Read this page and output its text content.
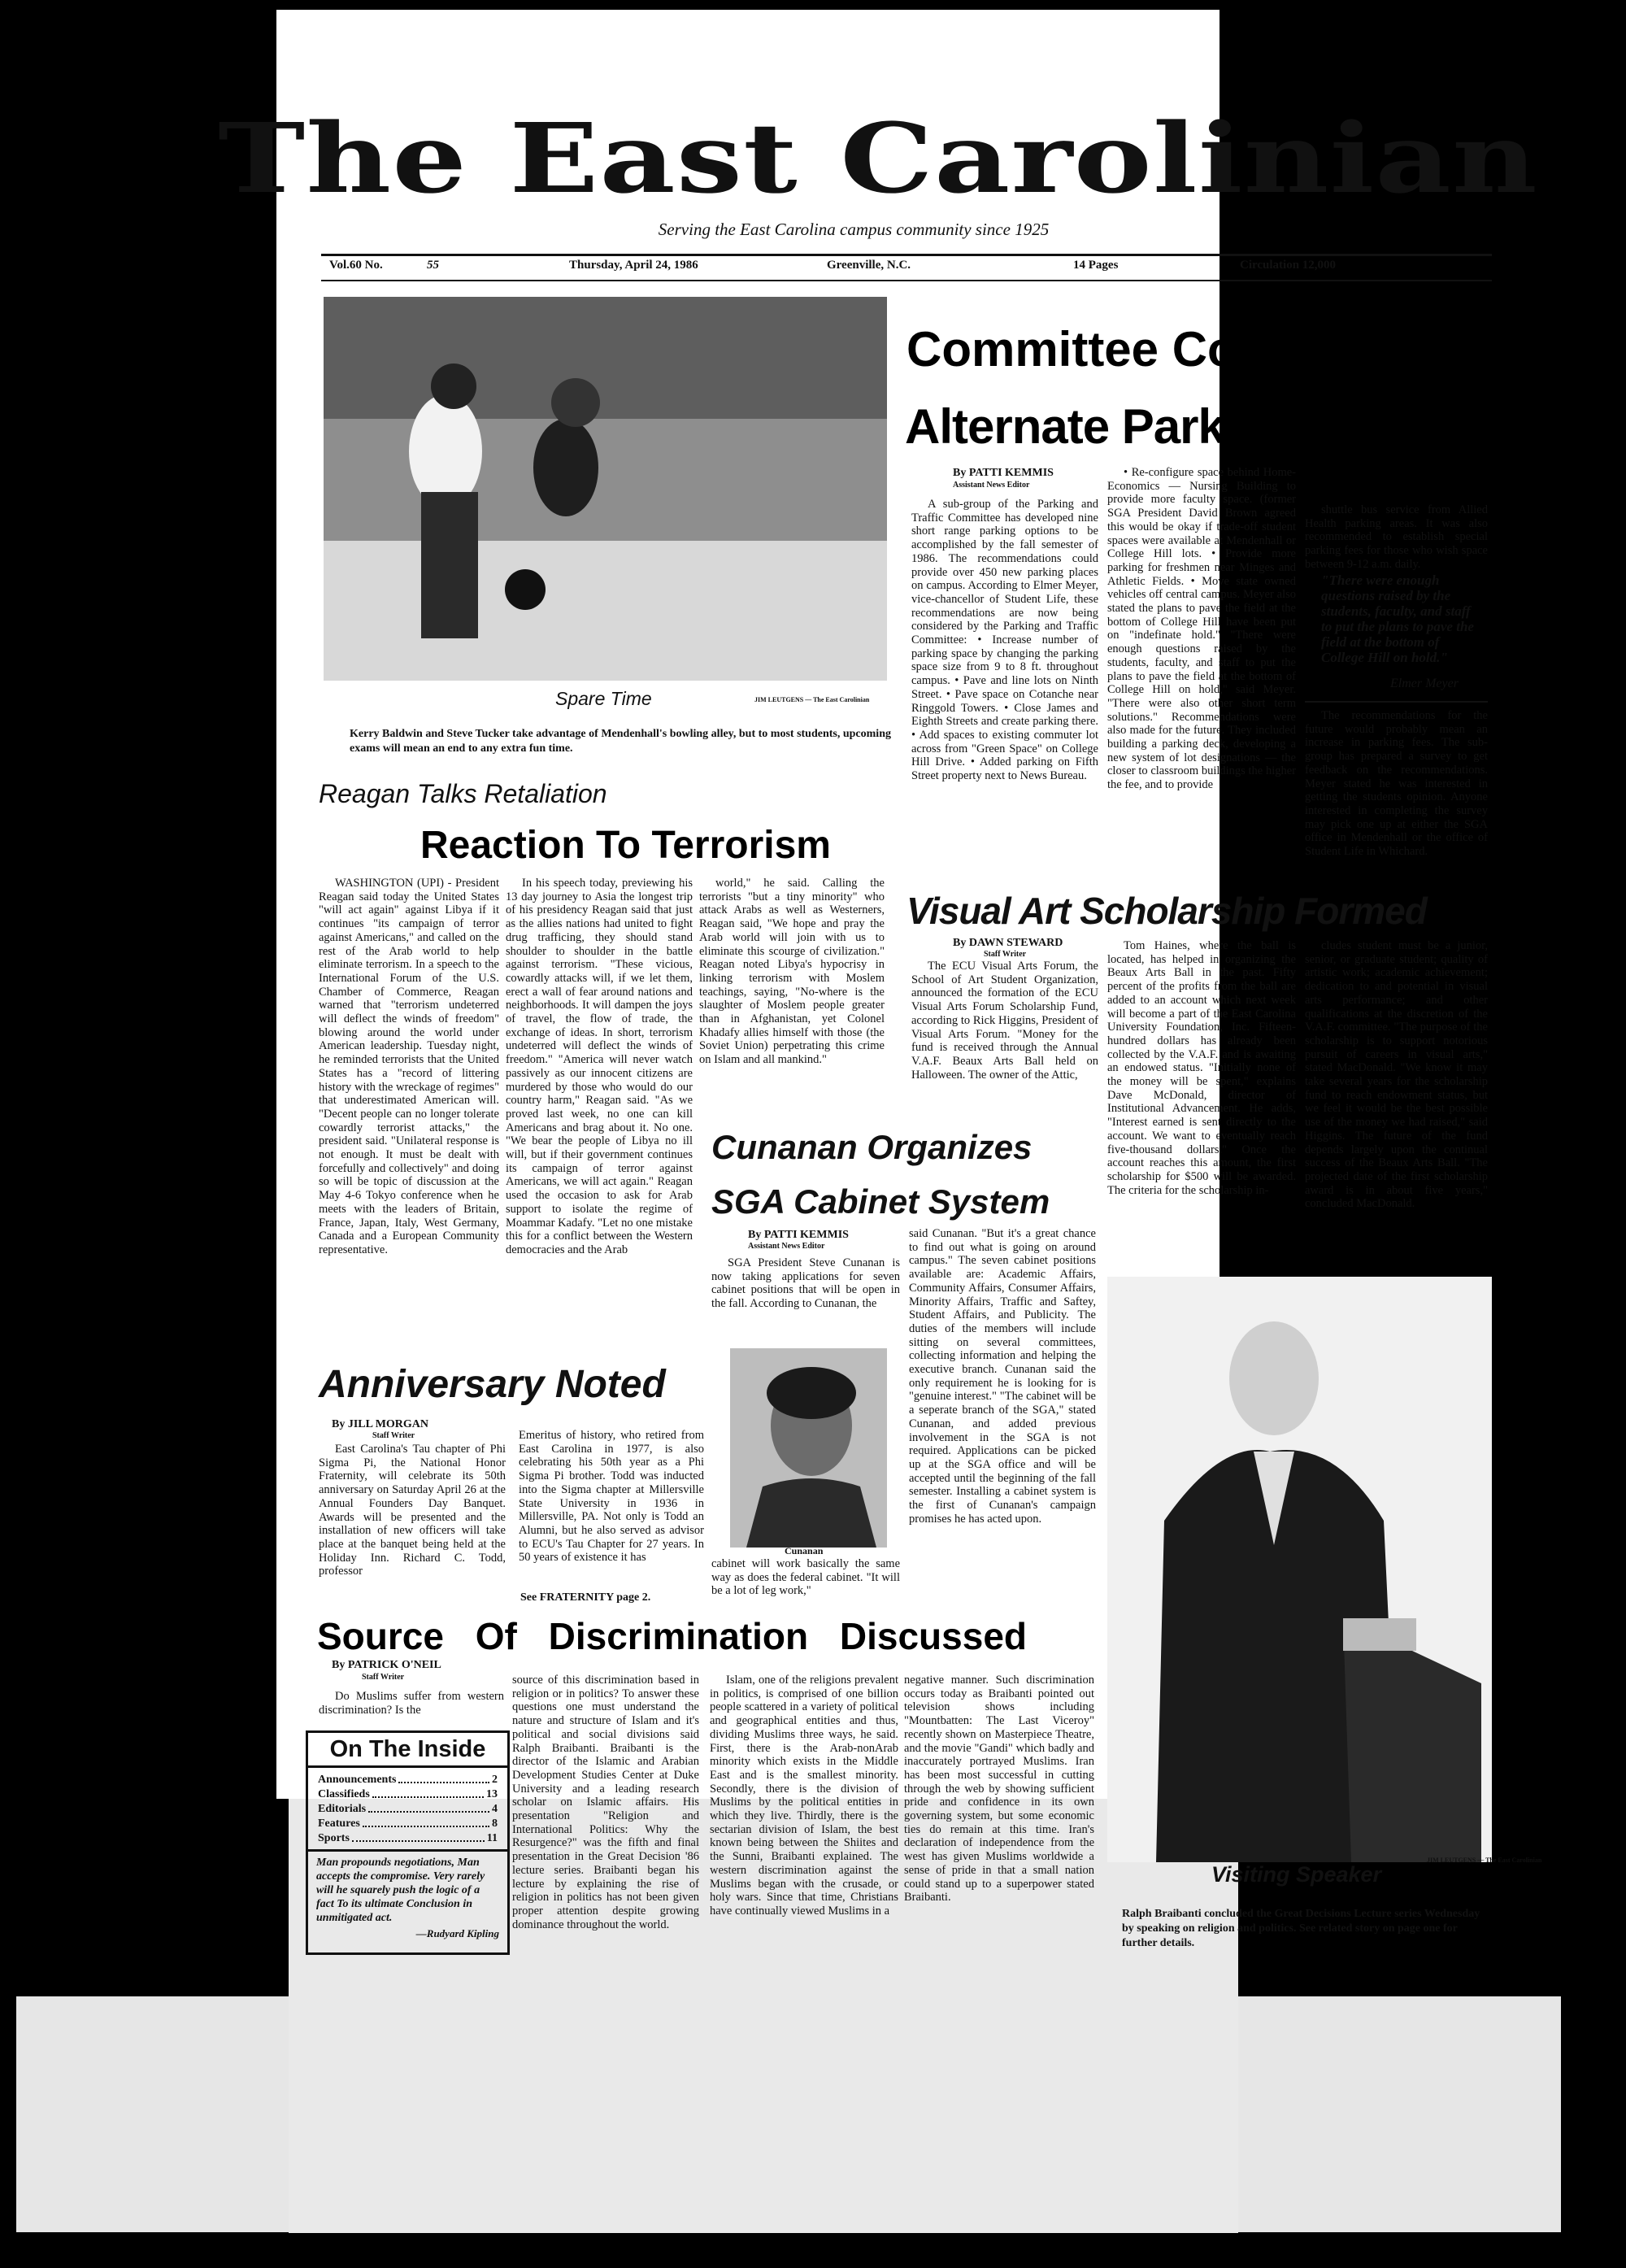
The East Carolinian
Serving the East Carolina campus community since 1925
Vol.60 No.	55	Thursday, April 24, 1986	Greenville, N.C.	14 Pages	Circulation 12,000
Spare Time	JIM LEUTGENS — The East Carolinian
Kerry Baldwin and Steve Tucker take advantage of Mendenhall's bowling alley, but to most students, upcoming exams will mean an end to any extra fun time.
Committee Considers
Alternate Parking Areas
By PATTI KEMMIS
Assistant News Editor

A sub-group of the Parking and Traffic Committee has developed nine short range parking options to be accomplished by the fall semester of 1986. The recommendations could provide over 450 new parking places on campus. According to Elmer Meyer, vice-chancellor of Student Life, these recommendations are now being considered by the Parking and Traffic Committee: • Increase number of parking space by changing the parking space size from 9 to 8 ft. throughout campus. • Pave and line lots on Ninth Street. • Pave space on Cotanche near Ringgold Towers. • Close James and Eighth Streets and create parking there. • Add spaces to existing commuter lot across from "Green Space" on College Hill Drive. • Added parking on Fifth Street property next to News Bureau.

• Re-configure space behind Home-Economics — Nursing Building to provide more faculty space. (former SGA President David Brown agreed this would be okay if trade-off student spaces were available at Mendenhall or College Hill lots. • Provide more parking for freshmen near Minges and Athletic Fields. • Move state owned vehicles off central campus. Meyer also stated the plans to pave the field at the bottom of College Hill have been put on "indefinate hold." "There were enough questions raised by the students, faculty, and staff to put the plans to pave the field at the bottom of College Hill on hold," said Meyer. "There were also other short term solutions." Recommendations were also made for the future. They included building a parking deck, developing a new system of lot designations — the closer to classroom buildings the higher the fee, and to provide

shuttle bus service from Allied Health parking areas. It was also recommended to establish special parking fees for those who wish space between 9-12 a.m. daily.

"There were enough questions raised by the students, faculty, and staff to put the plans to pave the field at the bottom of College Hill on hold."
Elmer Meyer

The recommendations for the future would probably mean an increase in parking fees. The sub-group has prepared a survey to get feedback on the recommendations. Meyer stated he was interested in getting the students opinion. Anyone interested in completing the survey may pick one up at either the SGA office in Mendenhall or the office of Student Life in Whichard.

Reagan Talks Retaliation
Reaction To Terrorism

WASHINGTON (UPI) - President Reagan said today the United States "will act again" against Libya if it continues "its campaign of terror against Americans," and called on the rest of the Arab world to help eliminate terrorism. In a speech to the International Forum of the U.S. Chamber of Commerce, Reagan warned that "terrorism undeterred will deflect the winds of freedom" blowing around the world under American leadership. Tuesday night, he reminded terrorists that the United States has a "record of littering history with the wreckage of regimes" that underestimated American will. "Decent people can no longer tolerate cowardly terrorist attacks," the president said. "Unilateral response is not enough. It must be dealt with forcefully and collectively" and doing so will be topic of discussion at the May 4-6 Tokyo conference when he meets with the leaders of Britain, France, Japan, Italy, West Germany, Canada and a European Community representative.

In his speech today, previewing his 13 day journey to Asia the longest trip of his presidency Reagan said that just as the allies nations had united to fight drug trafficing, they should stand shoulder to shoulder in the battle against terrorism. "These vicious, cowardly attacks will, if we let them, erect a wall of fear around nations and neighborhoods. It will dampen the joys of travel, the flow of trade, the exchange of ideas. In short, terrorism undeterred will deflect the winds of freedom." "America will never watch passively as our innocent citizens are murdered by those who would do our country harm," Reagan said. "As we proved last week, no one can kill Americans and brag about it. No one. "We bear the people of Libya no ill will, but if their government continues its campaign of terror against Americans, we will act again." Reagan used the occasion to ask for Arab support to isolate the regime of Moammar Kadafy. "Let no one mistake this for a conflict between the Western democracies and the Arab

world," he said. Calling the terrorists "but a tiny minority" who attack Arabs as well as Westerners, Reagan said, "We hope and pray the Arab world will join with us to eliminate this scourge of civilization." Reagan noted Libya's hypocrisy in linking terrorism with Moslem teachings, saying, "No-where is the slaughter of Moslem people greater than in Afghanistan, yet Colonel Khadafy allies himself with those (the Soviet Union) perpetrating this crime on Islam and all mankind."

Visual Art Scholarship Formed
By DAWN STEWARD
Staff Writer

The ECU Visual Arts Forum, the School of Art Student Organization, announced the formation of the ECU Visual Arts Forum Scholarship Fund, according to Rick Higgins, President of Visual Arts Forum. "Money for the fund is received through the Annual V.A.F. Beaux Arts Ball held on Halloween. The owner of the Attic,

Tom Haines, where the ball is located, has helped in organizing the Beaux Arts Ball in the past. Fifty percent of the profits from the ball are added to an account which next week will become a part of the East Carolina University Foundation, Inc. Fifteen-hundred dollars has already been collected by the V.A.F. and is awaiting an endowed status. "Initially none of the money will be spent," explains Dave McDonald, director of Institutional Advancement. He adds, "Interest earned is sent directly to the account. We want to eventually reach five-thousand dollars." Once the account reaches this amount, the first scholarship for $500 will be awarded. The criteria for the scholarship in-

cludes student must be a junior, senior, or graduate student; quality of artistic work; academic achievement; dedication to and potential in visual arts performance; and other qualifications at the discretion of the V.A.F. committee. "The purpose of the scholarship is to support notorious pursuit of careers in visual arts," stated MacDonald. "We know it may take several years for the scholarship fund to reach endowment status, but we feel it would be the best possible use of the money we had raised," said Higgins. The future of the fund depends largely upon the continual success of the Beaux Arts Ball. "The projected date of the first scholarship award is in about five years," concluded MacDonald.

Cunanan Organizes
SGA Cabinet System
By PATTI KEMMIS
Assistant News Editor

SGA President Steve Cunanan is now taking applications for seven cabinet positions that will be open in the fall. According to Cunanan, the

Cunanan

cabinet will work basically the same way as does the federal cabinet. "It will be a lot of leg work,"

said Cunanan. "But it's a great chance to find out what is going on around campus." The seven cabinet positions available are: Academic Affairs, Community Affairs, Consumer Affairs, Minority Affairs, Traffic and Saftey, Student Affairs, and Publicity. The duties of the members will include sitting on several committees, collecting information and helping the executive branch. Cunanan said the only requirement he is looking for is "genuine interest." "The cabinet will be a seperate branch of the SGA," stated Cunanan, and added previous involvement in the SGA is not required. Applications can be picked up at the SGA office and will be accepted until the beginning of the fall semester. Installing a cabinet system is the first of Cunanan's campaign promises he has acted upon.

Anniversary Noted
By JILL MORGAN
Staff Writer

East Carolina's Tau chapter of Phi Sigma Pi, the National Honor Fraternity, will celebrate its 50th anniversary on Saturday April 26 at the Annual Founders Day Banquet. Awards will be presented and the installation of new officers will take place at the banquet being held at the Holiday Inn. Richard C. Todd, professor

Emeritus of history, who retired from East Carolina in 1977, is also celebrating his 50th year as a Phi Sigma Pi brother. Todd was inducted into the Sigma chapter at Millersville State University in 1936 in Millersville, PA. Not only is Todd an Alumni, but he also served as advisor to ECU's Tau Chapter for 27 years. In 50 years of existence it has

See FRATERNITY page 2.
Source Of Discrimination Discussed
By PATRICK O'NEIL
Staff Writer

Do Muslims suffer from western discrimination? Is the

source of this discrimination based in religion or in politics? To answer these questions one must understand the nature and structure of Islam and it's political and social divisions said Ralph Braibanti. Braibanti is the director of the Islamic and Arabian Development Studies Center at Duke University and a leading research scholar on Islamic affairs. His presentation "Religion and International Politics: Why the Resurgence?" was the fifth and final presentation in the Great Decision '86 lecture series. Braibanti began his lecture by explaining the rise of religion in politics has not been given proper attention despite growing dominance throughout the world.

Islam, one of the religions prevalent in politics, is comprised of one billion people scattered in a variety of political and geographical entities and thus, dividing Muslims three ways, he said. First, there is the Arab-nonArab minority which exists in the Middle East and is the smallest minority. Secondly, there is the division of Muslims by the political entities in which they live. Thirdly, there is the sectarian division of Islam, the best known being between the Shiites and the Sunni, Braibanti explained. The western discrimination against the Muslims began with the crusade, or holy wars. Since that time, Christians have continually viewed Muslims in a

negative manner. Such discrimination occurs today as Braibanti pointed out television shows including "Mountbatten: The Last Viceroy" recently shown on Masterpiece Theatre, and the movie "Gandi" which badly and inaccurately portrayed Muslims. Iran has been most successful in cutting through the web by showing sufficient pride and confidence in its own governing system, but some economic ties do remain at this time. Iran's declaration of independence from the west has given Muslims worldwide a sense of pride in that a small nation could stand up to a superpower stated Braibanti.

On The Inside
Announcements	2
Classifieds	13
Editorials	4
Features	8
Sports	11
Man propounds negotiations, Man accepts the compromise. Very rarely will he squarely push the logic of a fact To its ultimate Conclusion in unmitigated act.
—Rudyard Kipling
JIM LEUTGENS — The East Carolinian
Visiting Speaker
Ralph Braibanti concluded the Great Decisions Lecture series Wednesday by speaking on religion and politics. See related story on page one for further details.
